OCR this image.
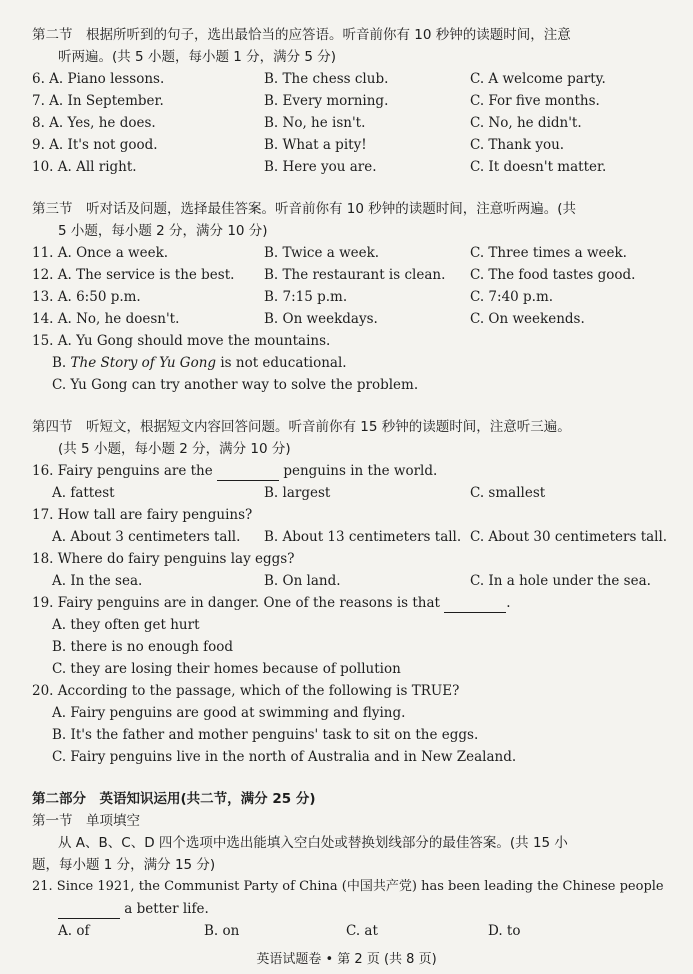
第二节　根据所听到的句子，选出最恰当的应答语。听音前你有 10 秒钟的读题时间，注意
听两遍。(共 5 小题，每小题 1 分，满分 5 分)
6. A. Piano lessons.	B. The chess club.	C. A welcome party.
7. A. In September.	B. Every morning.	C. For five months.
8. A. Yes, he does.	B. No, he isn't.	C. No, he didn't.
9. A. It's not good.	B. What a pity!	C. Thank you.
10. A. All right.	B. Here you are.	C. It doesn't matter.
第三节　听对话及问题，选择最佳答案。听音前你有 10 秒钟的读题时间，注意听两遍。(共
5 小题，每小题 2 分，满分 10 分)
11. A. Once a week.	B. Twice a week.	C. Three times a week.
12. A. The service is the best. B. The restaurant is clean. C. The food tastes good.
13. A. 6:50 p.m.	B. 7:15 p.m.	C. 7:40 p.m.
14. A. No, he doesn't.	B. On weekdays.	C. On weekends.
15. A. Yu Gong should move the mountains.
B. The Story of Yu Gong is not educational.
C. Yu Gong can try another way to solve the problem.
第四节　听短文，根据短文内容回答问题。听音前你有 15 秒钟的读题时间，注意听三遍。
(共 5 小题，每小题 2 分，满分 10 分)
16. Fairy penguins are the	penguins in the world.
A. fattest	B. largest	C. smallest
17. How tall are fairy penguins?
A. About 3 centimeters tall. B. About 13 centimeters tall. C. About 30 centimeters tall.
18. Where do fairy penguins lay eggs?
A. In the sea.	B. On land.	C. In a hole under the sea.
19. Fairy penguins are in danger. One of the reasons is that	.
A. they often get hurt
B. there is no enough food
C. they are losing their homes because of pollution
20. According to the passage, which of the following is TRUE?
A. Fairy penguins are good at swimming and flying.
B. It's the father and mother penguins' task to sit on the eggs.
C. Fairy penguins live in the north of Australia and in New Zealand.
第二部分　英语知识运用(共二节，满分 25 分)
第一节　单项填空
从 A、B、C、D 四个选项中选出能填入空白处或替换划线部分的最佳答案。(共 15 小
题，每小题 1 分，满分 15 分)
21. Since 1921, the Communist Party of China (中国共产党) has been leading the Chinese people
a better life.
A. of	B. on	C. at	D. to
英语试题卷 • 第 2 页 (共 8 页)
